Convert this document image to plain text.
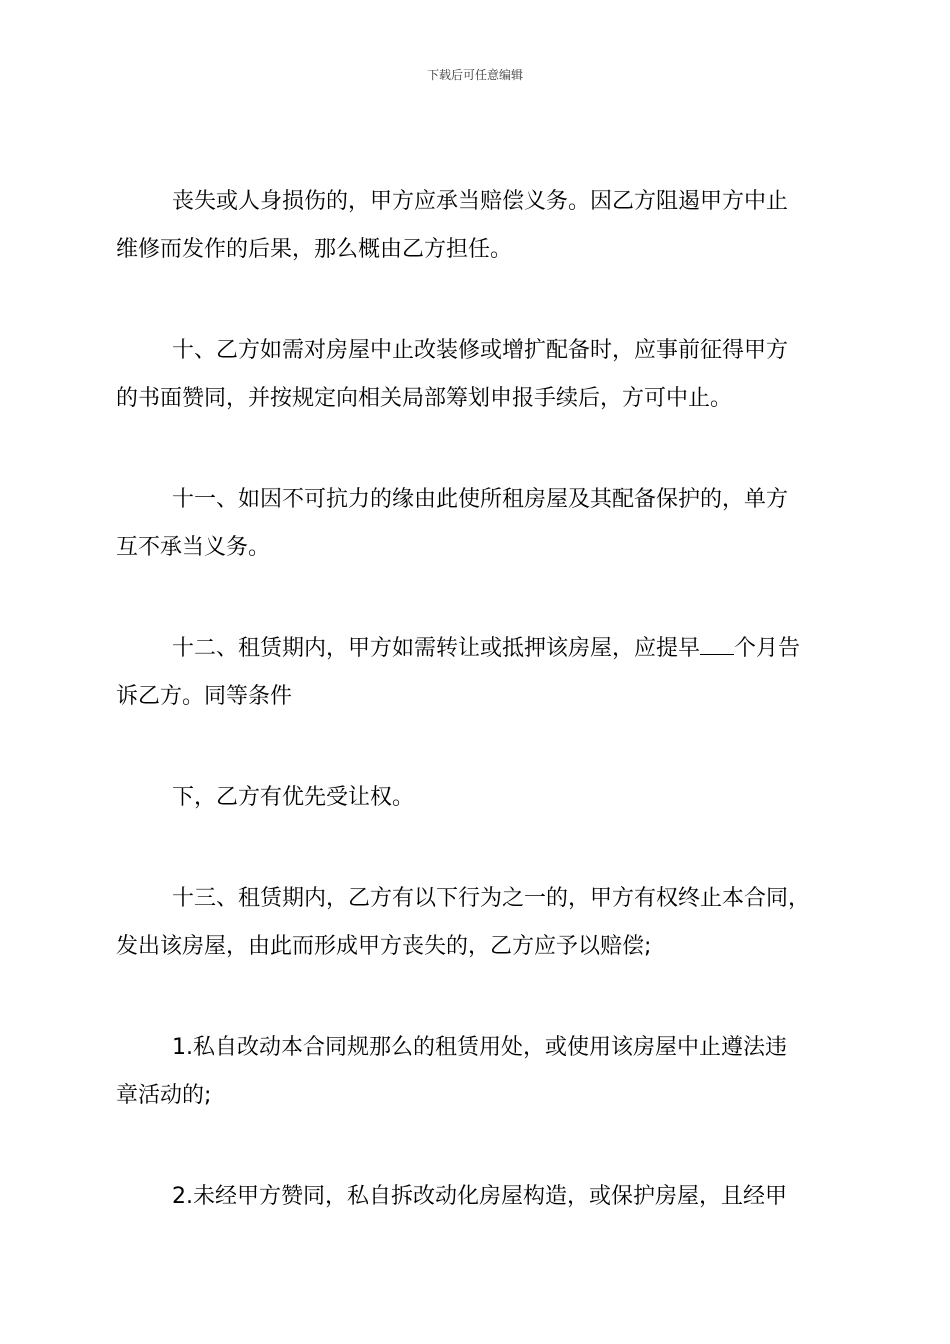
下载后可任意编辑

丧失或人身损伤的，甲方应承当赔偿义务。因乙方阻遏甲方中止
维修而发作的后果，那么概由乙方担任。

十、乙方如需对房屋中止改装修或增扩配备时，应事前征得甲方
的书面赞同，并按规定向相关局部筹划申报手续后，方可中止。

十一、如因不可抗力的缘由此使所租房屋及其配备保护的，单方
互不承当义务。

十二、租赁期内，甲方如需转让或抵押该房屋，应提早 个月告
诉乙方。同等条件

下，乙方有优先受让权。

十三、租赁期内，乙方有以下行为之一的，甲方有权终止本合同，
发出该房屋，由此而形成甲方丧失的，乙方应予以赔偿;

1.私自改动本合同规那么的租赁用处，或使用该房屋中止遵法违
章活动的;

2.未经甲方赞同，私自拆改动化房屋构造，或保护房屋，且经甲
